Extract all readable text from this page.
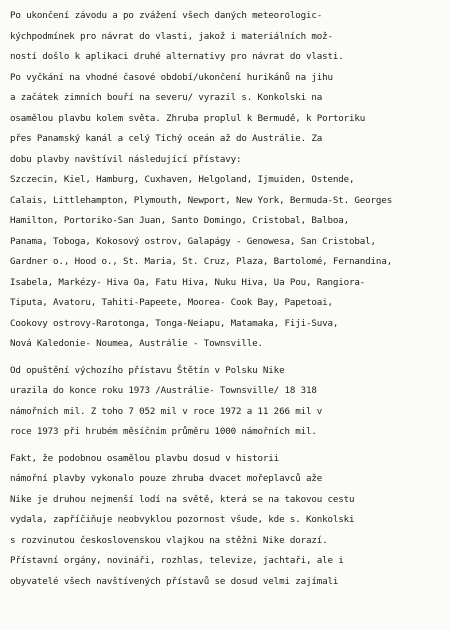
Po ukončení závodu a po zvážení všech daných meteorologic-
kýchpodmínek pro návrat do vlasti, jakož i materiálních mož-
ností došlo k aplikaci druhé alternativy pro návrat do vlasti.
Po vyčkání na vhodné časové období/ukončení hurikánů na jihu
a začátek zimních bouří na severu/ vyrazil s. Konkolski na
osamělou plavbu kolem světa. Zhruba proplul k Bermudě, k Portoriku
přes Panamský kanál a celý Tichý oceán až do Austrálie. Za
dobu plavby navštívil následující přístavy:
Szczecin, Kiel, Hamburg, Cuxhaven, Helgoland, Ijmuiden, Ostende,
Calais, Littlehampton, Plymouth, Newport, New York, Bermuda-St. Georges
Hamilton, Portoriko-San Juan, Santo Domingo, Cristobal, Balboa,
Panama, Toboga, Kokosový ostrov, Galapágy - Genowesa, San Cristobal,
Gardner o., Hood o., St. Maria, St. Cruz, Plaza, Bartolomé, Fernandina,
Isabela, Markézy- Hiva Oa, Fatu Hiva, Nuku Hiva, Ua Pou, Rangiora-
Tiputa, Avatoru, Tahiti-Papeete, Moorea- Cook Bay, Papetoai,
Cookovy ostrovy-Rarotonga, Tonga-Neiapu, Matamaka, Fiji-Suva,
Nová Kaledonie- Noumea, Austrálie - Townsville.
Od opuštění výchozího přístavu Štětín v Polsku Nike
urazila do konce roku 1973 /Austrálie- Townsville/ 18 318
námořních mil. Z toho 7 052 mil v roce 1972 a 11 266 mil v
roce 1973 při hrubém měsíčním průměru 1000 námořních mil.
Fakt, že podobnou osamělou plavbu dosud v historii
námořní plavby vykonalo pouze zhruba dvacet mořeplavců aže
Nike je druhou nejmenší lodí na světě, která se na takovou cestu
vydala, zapříčiňuje neobvyklou pozornost všude, kde s. Konkolski
s rozvinutou československou vlajkou na stěžni Nike dorazí.
Přístavní orgány, novináři, rozhlas, televize, jachtaři, ale i
obyvatelé všech navštívených přístavů se dosud velmi zajímali
